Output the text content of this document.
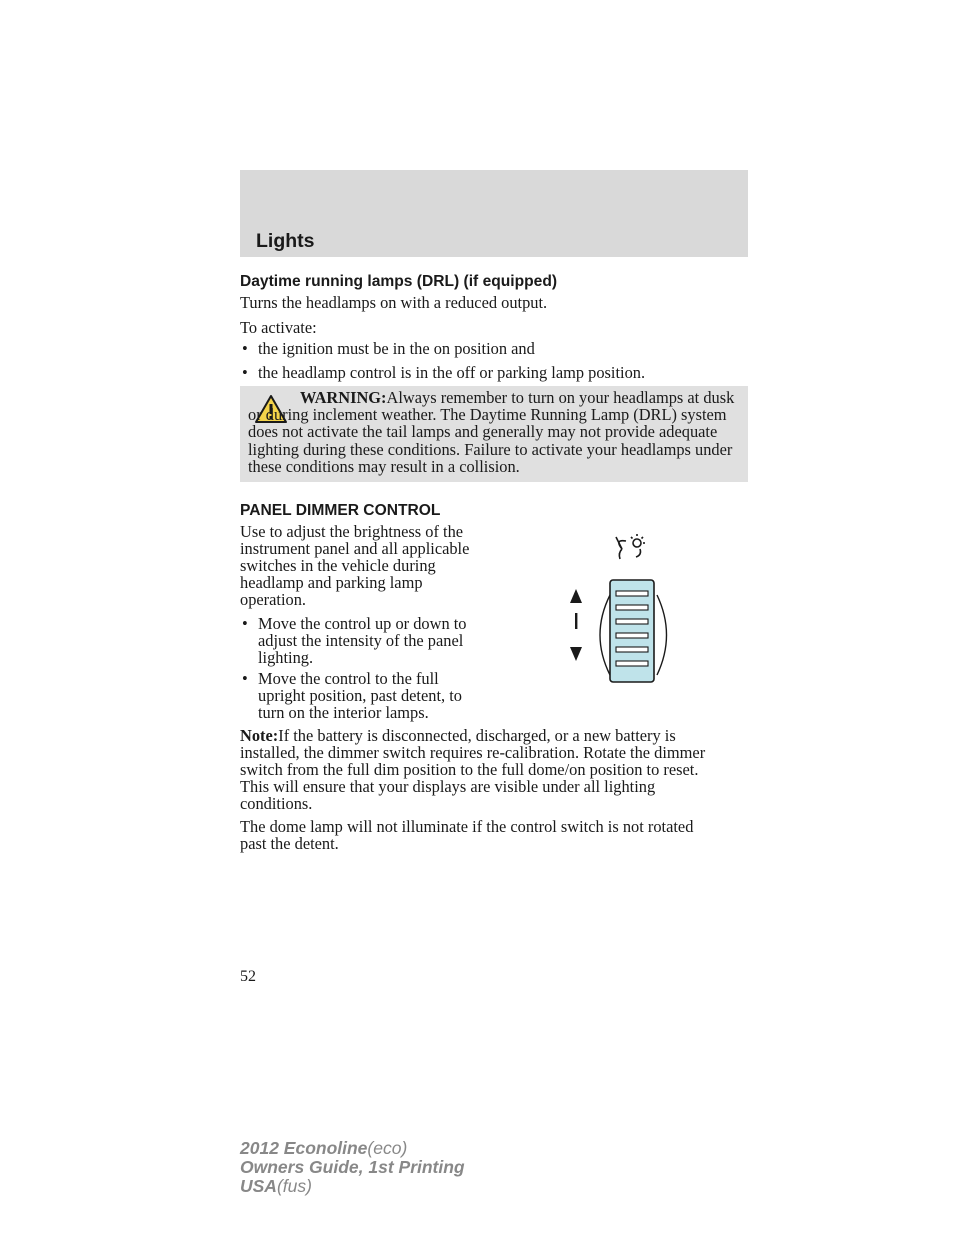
Lights
Daytime running lamps (DRL) (if equipped)

Turns the headlamps on with a reduced output.

To activate:

• the ignition must be in the on position and

• the headlamp control is in the off or parking lamp position.

WARNING:Always remember to turn on your headlamps at dusk or during inclement weather. The Daytime Running Lamp (DRL) system does not activate the tail lamps and generally may not provide adequate lighting during these conditions. Failure to activate your headlamps under these conditions may result in a collision.

PANEL DIMMER CONTROL

Use to adjust the brightness of the

instrument panel and all applicable

switches in the vehicle during

headlamp and parking lamp

operation.

• Move the control up or down to

adjust the intensity of the panel

lighting.

• Move the control to the full

upright position, past detent, to

turn on the interior lamps.

Note:If the battery is disconnected, discharged, or a new battery is

installed, the dimmer switch requires re-calibration. Rotate the dimmer

switch from the full dim position to the full dome/on position to reset.

This will ensure that your displays are visible under all lighting

conditions.

The dome lamp will not illuminate if the control switch is not rotated

past the detent.

52
2012 Econoline(eco)
Owners Guide, 1st Printing
USA(fus)
